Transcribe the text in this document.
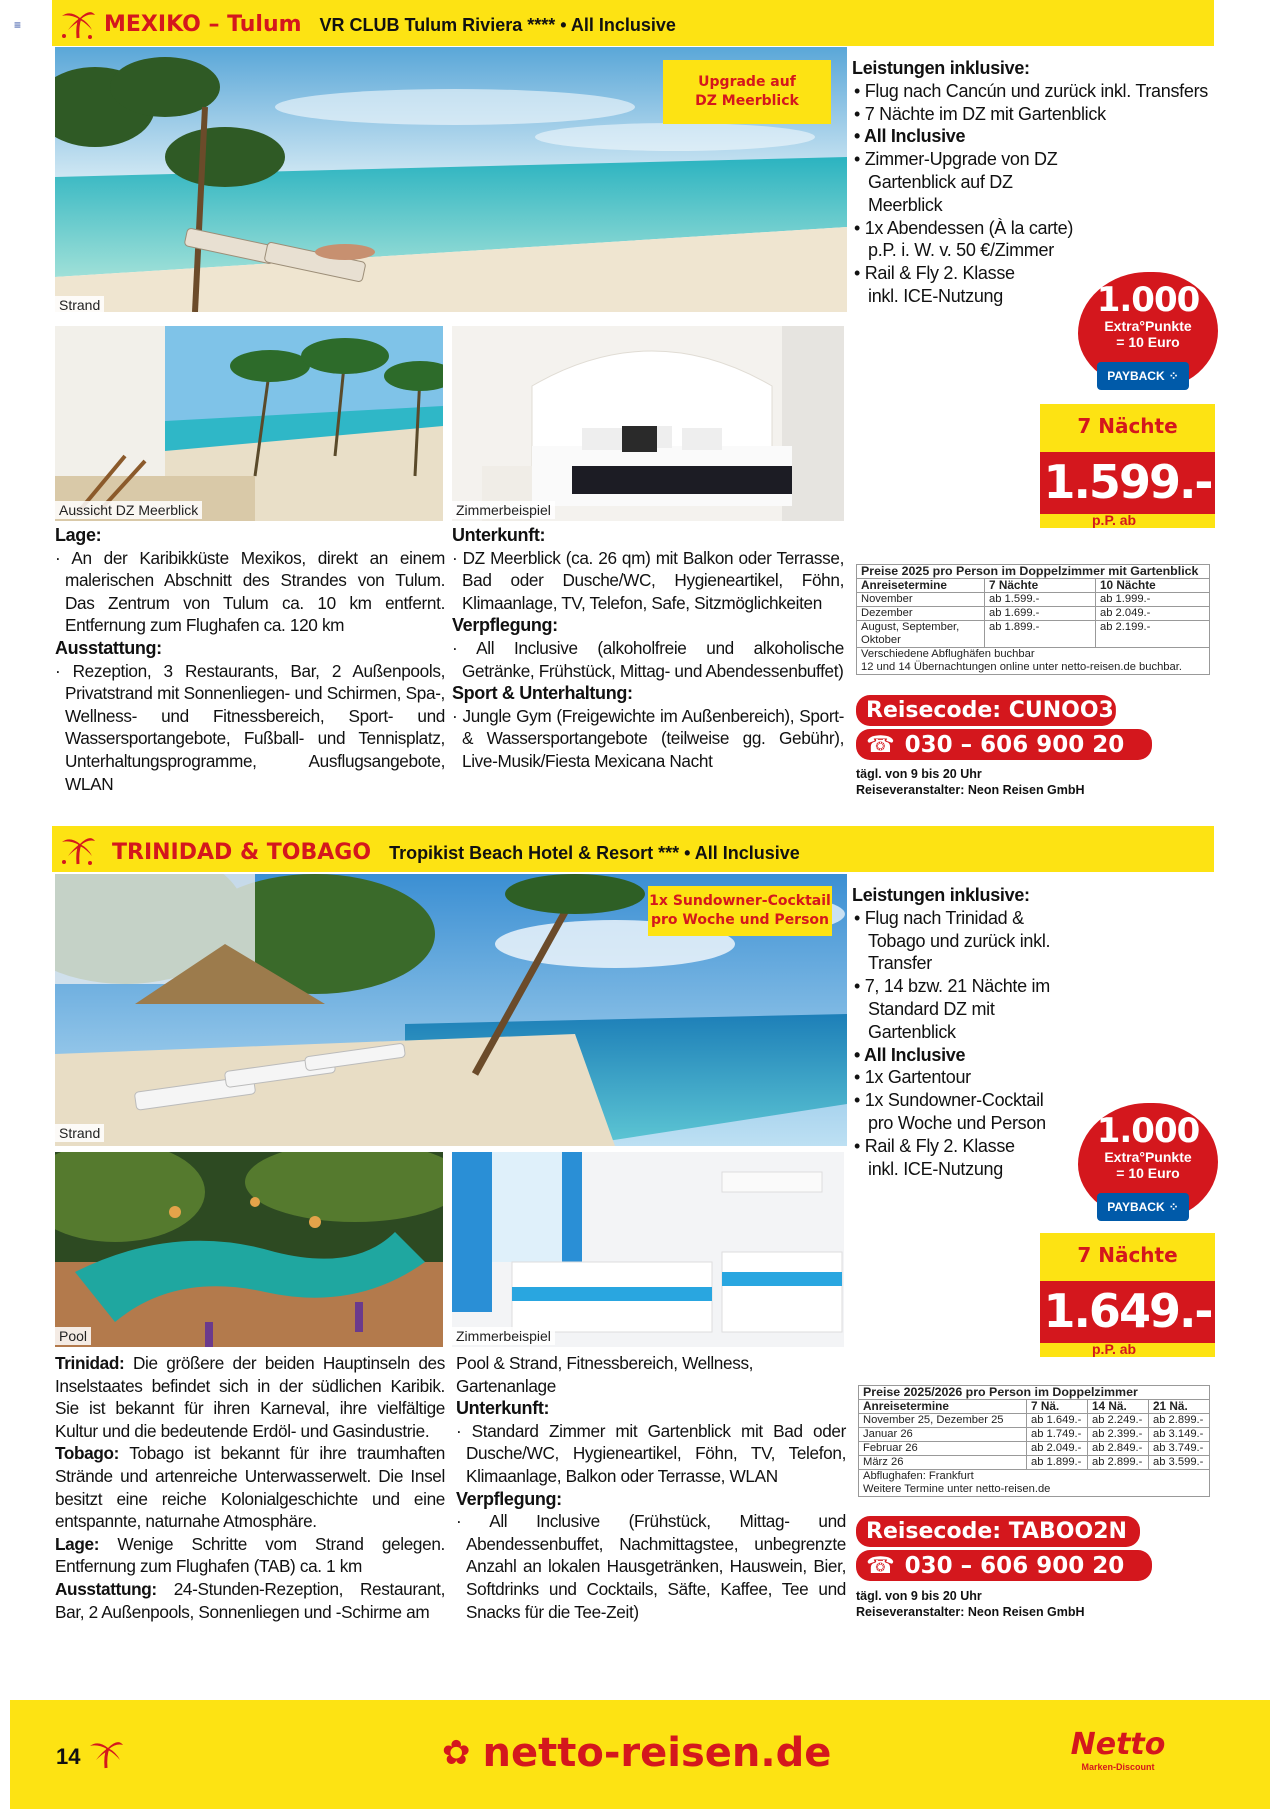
≡	MEXIKO – Tulum VR CLUB Tulum Riviera **** • All Inclusive
Strand
Upgrade auf
DZ Meerblick
Aussicht DZ Meerblick	Zimmerbeispiel
Lage:
· An der Karibikküste Mexikos, direkt an einem malerischen Abschnitt des Strandes von Tulum. Das Zentrum von Tulum ca. 10 km entfernt. Entfernung zum Flughafen ca. 120 km
Ausstattung:
· Rezeption, 3 Restaurants, Bar, 2 Außenpools, Privatstrand mit Sonnenliegen- und Schirmen, Spa-, Wellness- und Fitnessbereich, Sport- und Wassersportangebote, Fußball- und Tennisplatz, Unterhaltungsprogramme, Ausflugsangebote, WLAN
Unterkunft:
· DZ Meerblick (ca. 26 qm) mit Balkon oder Terrasse, Bad oder Dusche/WC, Hygieneartikel, Föhn, Klimaanlage, TV, Telefon, Safe, Sitzmöglichkeiten
Verpflegung:
· All Inclusive (alkoholfreie und alkoholische Getränke, Frühstück, Mittag- und Abendessenbuffet)
Sport & Unterhaltung:
· Jungle Gym (Freigewichte im Außenbereich), Sport- & Wassersportangebote (teilweise gg. Gebühr), Live-Musik/Fiesta Mexicana Nacht
Leistungen inklusive:
• Flug nach Cancún und zurück inkl. Transfers
• 7 Nächte im DZ mit Gartenblick
• All Inclusive
• Zimmer-Upgrade von DZ Gartenblick auf DZ Meerblick
• 1x Abendessen (À la carte) p.P. i. W. v. 50 €/Zimmer
• Rail & Fly 2. Klasse inkl. ICE-Nutzung	1.000
Extra°Punkte
= 10 Euro
PAYBACK ⁘
7 Nächte
1.599.-
p.P. ab
Preise 2025 pro Person im Doppelzimmer mit Gartenblick		
Anreisetermine	7 Nächte	10 Nächte
November	ab 1.599.-	ab 1.999.-
Dezember	ab 1.699.-	ab 2.049.-
August, September, Oktober	ab 1.899.-	ab 2.199.-

Verschiedene Abflughäfen buchbar
12 und 14 Übernachtungen online unter netto-reisen.de buchbar.		
Reisecode: CUNOO3N
☎ 030 – 606 900 20
tägl. von 9 bis 20 Uhr
Reiseveranstalter: Neon Reisen GmbH
TRINIDAD & TOBAGO Tropikist Beach Hotel & Resort *** • All Inclusive
Strand
1x Sundowner-Cocktail
pro Woche und Person
Pool	Zimmerbeispiel
Trinidad: Die größere der beiden Hauptinseln des Inselstaates befindet sich in der südlichen Karibik. Sie ist bekannt für ihren Karneval, ihre vielfältige Kultur und die bedeutende Erdöl- und Gasindustrie.
Tobago: Tobago ist bekannt für ihre traumhaften Strände und artenreiche Unterwasserwelt. Die Insel besitzt eine reiche Kolonialgeschichte und eine entspannte, naturnahe Atmosphäre.
Lage: Wenige Schritte vom Strand gelegen. Entfernung zum Flughafen (TAB) ca. 1 km
Ausstattung: 24-Stunden-Rezeption, Restaurant, Bar, 2 Außenpools, Sonnenliegen und -Schirme am
Pool & Strand, Fitnessbereich, Wellness, Gartenanlage
Unterkunft:
· Standard Zimmer mit Gartenblick mit Bad oder Dusche/WC, Hygieneartikel, Föhn, TV, Telefon, Klimaanlage, Balkon oder Terrasse, WLAN
Verpflegung:
· All Inclusive (Frühstück, Mittag- und Abendessenbuffet, Nachmittagstee, unbegrenzte Anzahl an lokalen Hausgetränken, Hauswein, Bier, Softdrinks und Cocktails, Säfte, Kaffee, Tee und Snacks für die Tee-Zeit)
Leistungen inklusive:
• Flug nach Trinidad & Tobago und zurück inkl. Transfer
• 7, 14 bzw. 21 Nächte im Standard DZ mit Gartenblick
• All Inclusive
• 1x Gartentour
• 1x Sundowner-Cocktail pro Woche und Person
• Rail & Fly 2. Klasse inkl. ICE-Nutzung
1.000
Extra°Punkte
= 10 Euro
PAYBACK ⁘
7 Nächte
1.649.-
p.P. ab
Preise 2025/2026 pro Person im Doppelzimmer			
Anreisetermine	7 Nä.	14 Nä.	21 Nä.
November 25, Dezember 25	ab 1.649.-	ab 2.249.-	ab 2.899.-
Januar 26	ab 1.749.-	ab 2.399.-	ab 3.149.-
Februar 26	ab 2.049.-	ab 2.849.-	ab 3.749.-
März 26	ab 1.899.-	ab 2.899.-	ab 3.599.-

Abflughafen: Frankfurt
Weitere Termine unter netto-reisen.de			
Reisecode: TABOO2N
☎ 030 – 606 900 20
tägl. von 9 bis 20 Uhr
Reiseveranstalter: Neon Reisen GmbH
14	✿ netto-reisen.de	Netto
Marken-Discount
